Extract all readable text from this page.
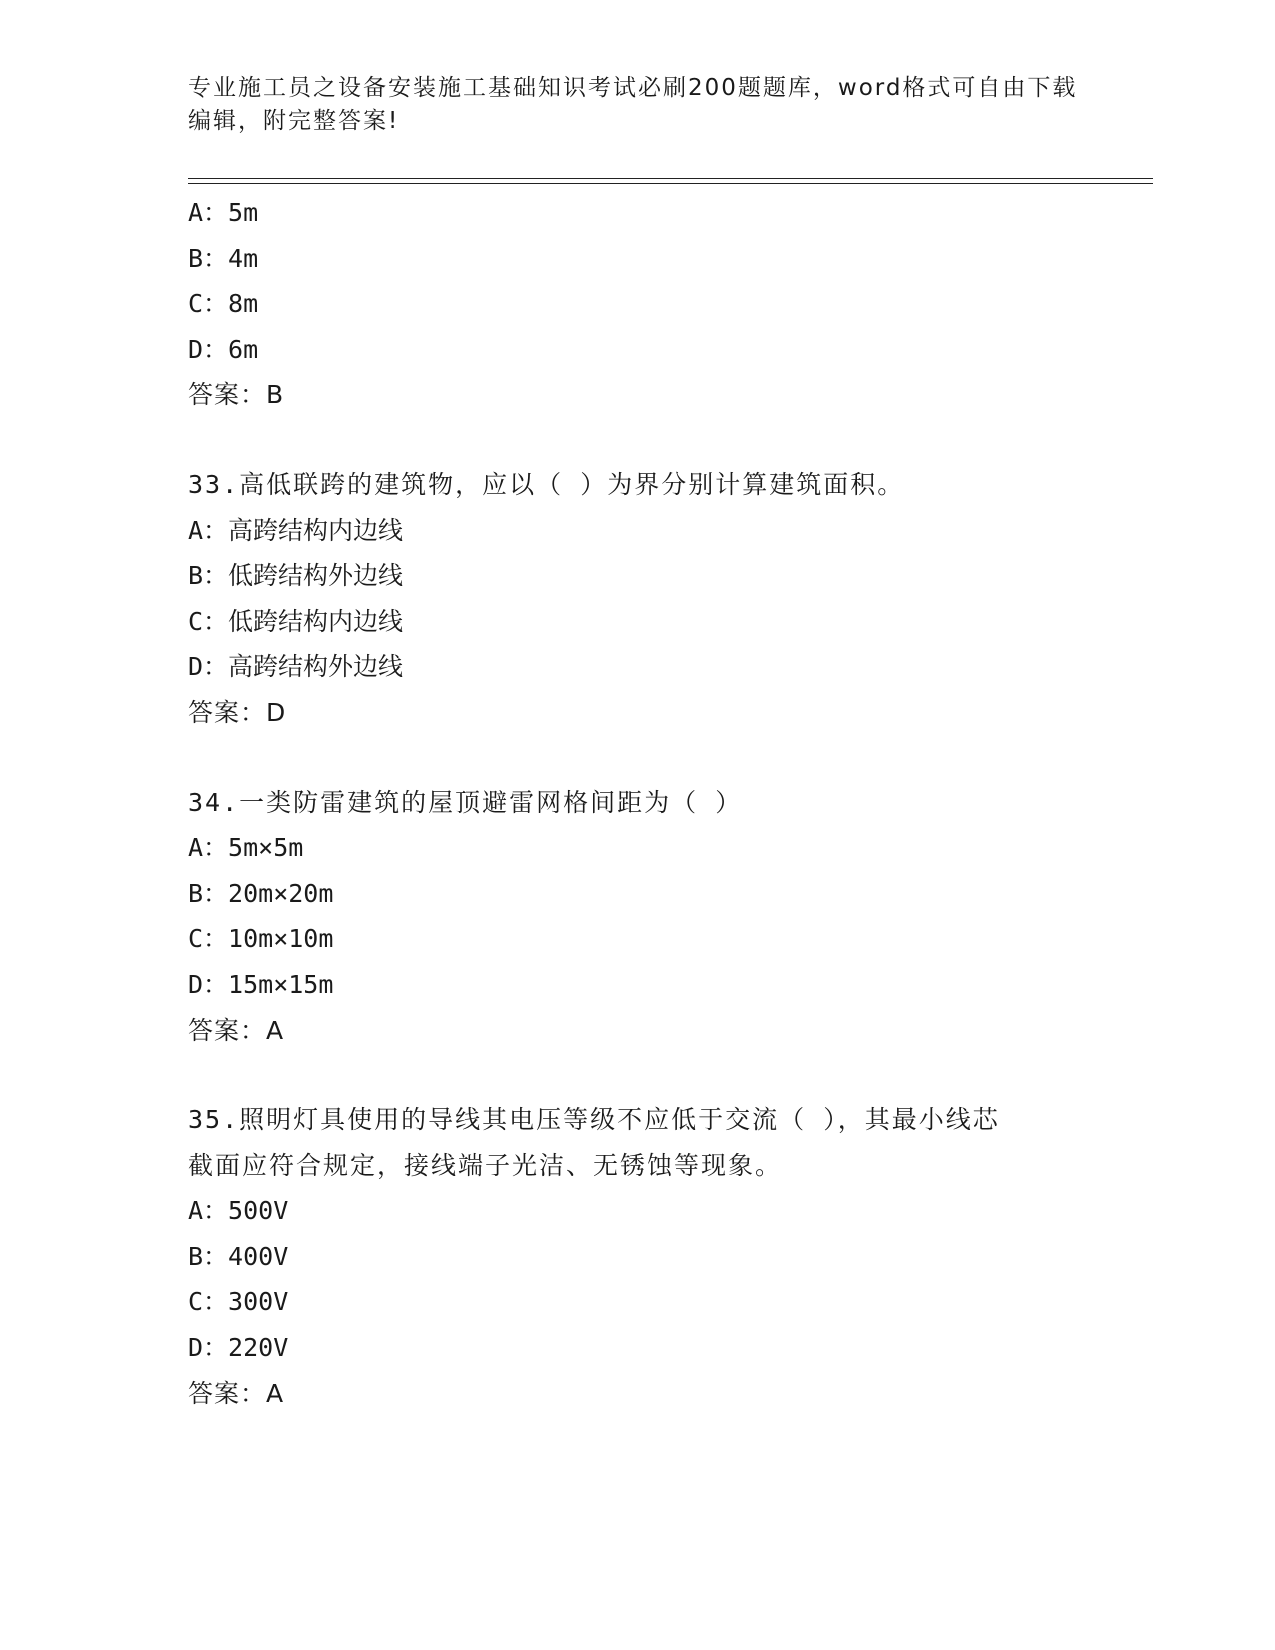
专业施工员之设备安装施工基础知识考试必刷200题题库，word格式可自由下载
编辑，附完整答案!
A：5m
B：4m
C：8m
D：6m
答案：B
33.高低联跨的建筑物，应以（ ）为界分别计算建筑面积。
A：高跨结构内边线
B：低跨结构外边线
C：低跨结构内边线
D：高跨结构外边线
答案：D
34.一类防雷建筑的屋顶避雷网格间距为（ ）
A：5m×5m
B：20m×20m
C：10m×10m
D：15m×15m
答案：A
35.照明灯具使用的导线其电压等级不应低于交流（ ），其最小线芯
截面应符合规定，接线端子光洁、无锈蚀等现象。
A：500V
B：400V
C：300V
D：220V
答案：A
